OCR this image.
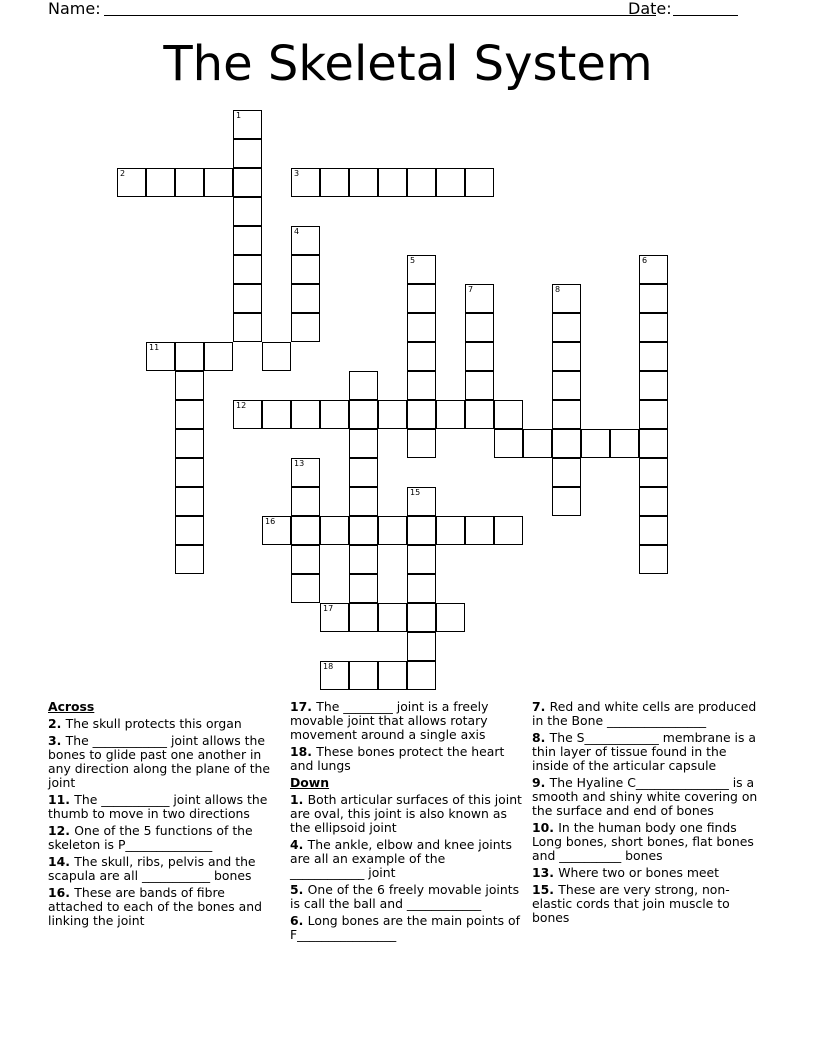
Name:	Date:
The Skeletal System
1
2	3
4
11
5
7
12
8
6
13
16
15
17
18
Across
2. The skull protects this organ
3. The ____________ joint allows the bones to glide past one another in any direction along the plane of the joint
11. The ___________ joint allows the thumb to move in two directions
12. One of the 5 functions of the skeleton is P______________
14. The skull, ribs, pelvis and the scapula are all ___________ bones
16. These are bands of fibre attached to each of the bones and linking the joint
17. The ________ joint is a freely movable joint that allows rotary movement around a single axis
18. These bones protect the heart and lungs
Down
1. Both articular surfaces of this joint are oval, this joint is also known as the ellipsoid joint
4. The ankle, elbow and knee joints are all an example of the ____________ joint
5. One of the 6 freely movable joints is call the ball and ____________
6. Long bones are the main points of F________________
7. Red and white cells are produced in the Bone ________________
8. The S____________ membrane is a thin layer of tissue found in the inside of the articular capsule
9. The Hyaline C_______________ is a smooth and shiny white covering on the surface and end of bones
10. In the human body one finds Long bones, short bones, flat bones and __________ bones
13. Where two or bones meet
15. These are very strong, non-elastic cords that join muscle to bones
